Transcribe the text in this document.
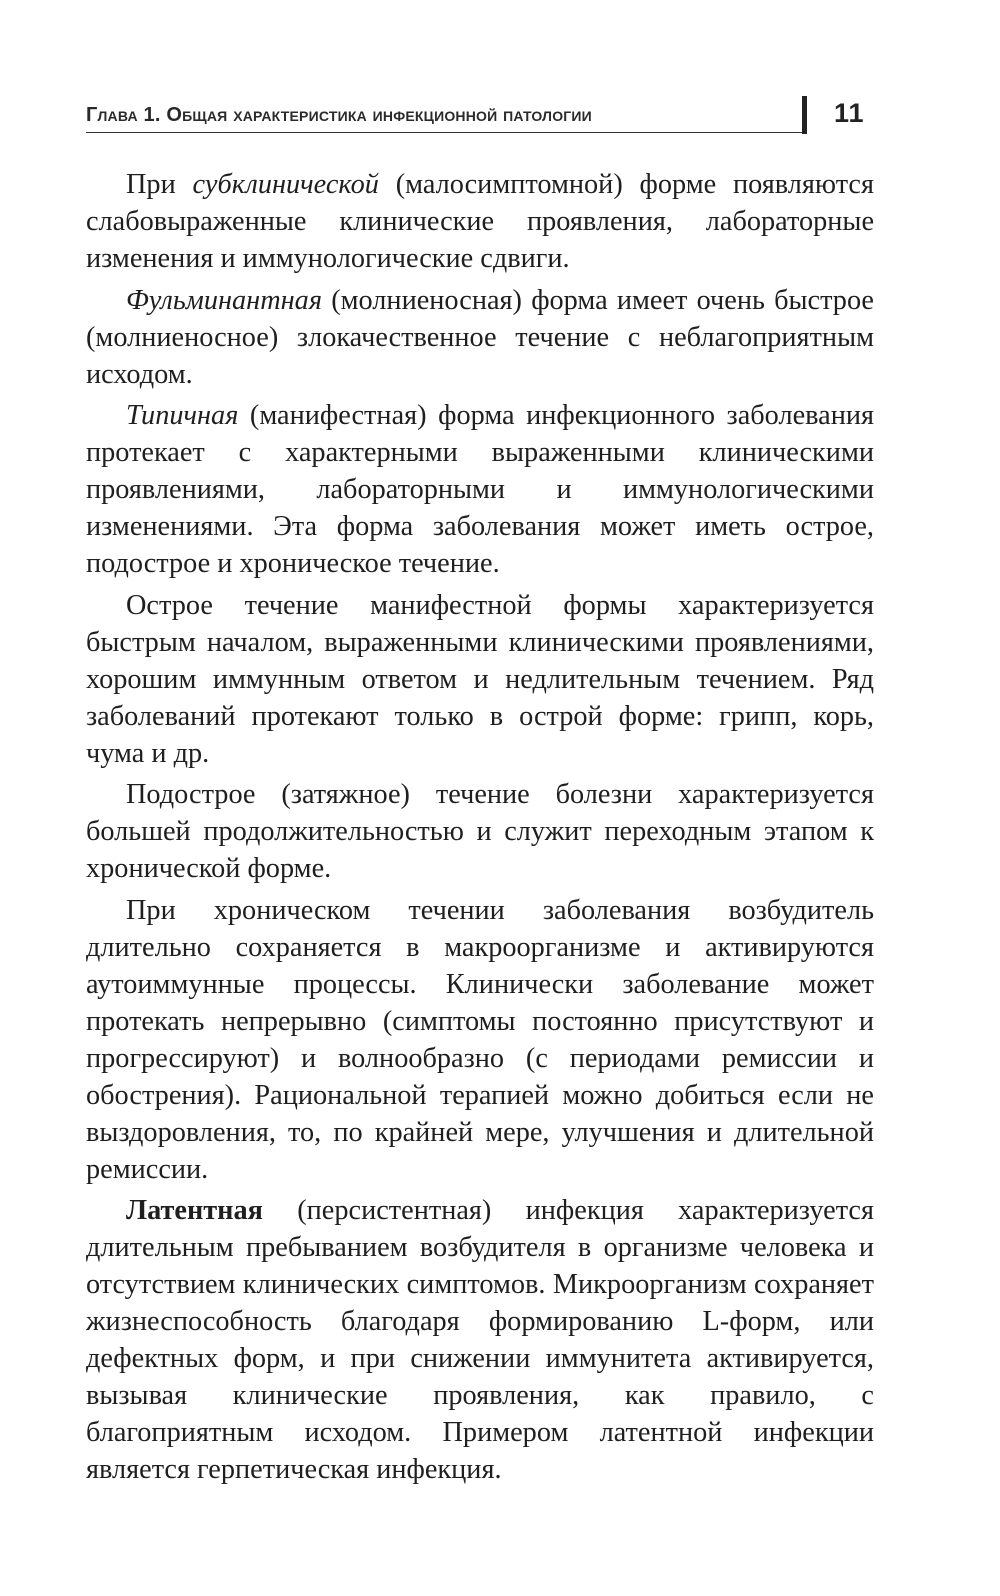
Глава 1. Общая характеристика инфекционной патологии	11

При субклинической (малосимптомной) форме появляются слабовыраженные клинические проявления, лабораторные изменения и иммунологические сдвиги.

Фульминантная (молниеносная) форма имеет очень быстрое (молниеносное) злокачественное течение с неблагоприятным исходом.

Типичная (манифестная) форма инфекционного заболевания протекает с характерными выраженными клиническими проявлениями, лабораторными и иммунологическими изменениями. Эта форма заболевания может иметь острое, подострое и хроническое течение.

Острое течение манифестной формы характеризуется быстрым началом, выраженными клиническими проявлениями, хорошим иммунным ответом и недлительным течением. Ряд заболеваний протекают только в острой форме: грипп, корь, чума и др.

Подострое (затяжное) течение болезни характеризуется большей продолжительностью и служит переходным этапом к хронической форме.

При хроническом течении заболевания возбудитель длительно сохраняется в макроорганизме и активируются аутоиммунные процессы. Клинически заболевание может протекать непрерывно (симптомы постоянно присутствуют и прогрессируют) и волнообразно (с периодами ремиссии и обострения). Рациональной терапией можно добиться если не выздоровления, то, по крайней мере, улучшения и длительной ремиссии.

Латентная (персистентная) инфекция характеризуется длительным пребыванием возбудителя в организме человека и отсутствием клинических симптомов. Микроорганизм сохраняет жизнеспособность благодаря формированию L-форм, или дефектных форм, и при снижении иммунитета активируется, вызывая клинические проявления, как правило, с благоприятным исходом. Примером латентной инфекции является герпетическая инфекция.
